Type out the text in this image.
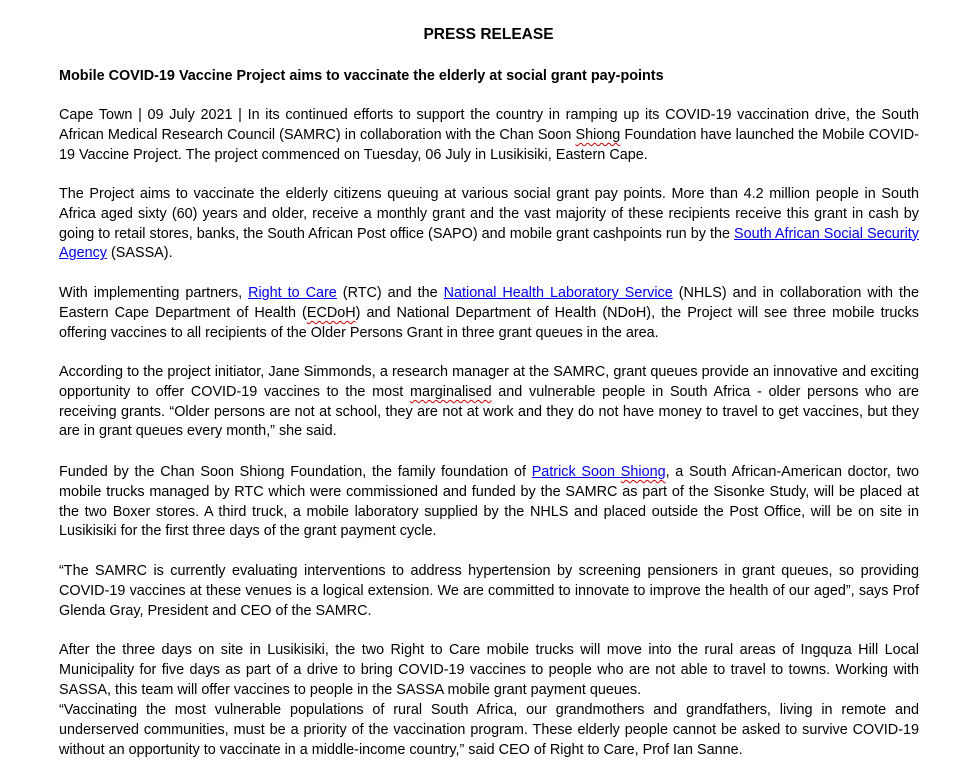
PRESS RELEASE
Mobile COVID-19 Vaccine Project aims to vaccinate the elderly at social grant pay-points
Cape Town | 09 July 2021 | In its continued efforts to support the country in ramping up its COVID-19 vaccination drive, the South African Medical Research Council (SAMRC) in collaboration with the Chan Soon Shiong Foundation have launched the Mobile COVID-19 Vaccine Project. The project commenced on Tuesday, 06 July in Lusikisiki, Eastern Cape.
The Project aims to vaccinate the elderly citizens queuing at various social grant pay points. More than 4.2 million people in South Africa aged sixty (60) years and older, receive a monthly grant and the vast majority of these recipients receive this grant in cash by going to retail stores, banks, the South African Post office (SAPO) and mobile grant cashpoints run by the South African Social Security Agency (SASSA).
With implementing partners, Right to Care (RTC) and the National Health Laboratory Service (NHLS) and in collaboration with the Eastern Cape Department of Health (ECDoH) and National Department of Health (NDoH), the Project will see three mobile trucks offering vaccines to all recipients of the Older Persons Grant in three grant queues in the area.
According to the project initiator, Jane Simmonds, a research manager at the SAMRC, grant queues provide an innovative and exciting opportunity to offer COVID-19 vaccines to the most marginalised and vulnerable people in South Africa - older persons who are receiving grants. “Older persons are not at school, they are not at work and they do not have money to travel to get vaccines, but they are in grant queues every month,” she said.
Funded by the Chan Soon Shiong Foundation, the family foundation of Patrick Soon Shiong, a South African-American doctor, two mobile trucks managed by RTC which were commissioned and funded by the SAMRC as part of the Sisonke Study, will be placed at the two Boxer stores. A third truck, a mobile laboratory supplied by the NHLS and placed outside the Post Office, will be on site in Lusikisiki for the first three days of the grant payment cycle.
“The SAMRC is currently evaluating interventions to address hypertension by screening pensioners in grant queues, so providing COVID-19 vaccines at these venues is a logical extension. We are committed to innovate to improve the health of our aged”, says Prof Glenda Gray, President and CEO of the SAMRC.
After the three days on site in Lusikisiki, the two Right to Care mobile trucks will move into the rural areas of Ingquza Hill Local Municipality for five days as part of a drive to bring COVID-19 vaccines to people who are not able to travel to towns. Working with SASSA, this team will offer vaccines to people in the SASSA mobile grant payment queues.
“Vaccinating the most vulnerable populations of rural South Africa, our grandmothers and grandfathers, living in remote and underserved communities, must be a priority of the vaccination program. These elderly people cannot be asked to survive COVID-19 without an opportunity to vaccinate in a middle-income country,” said CEO of Right to Care, Prof Ian Sanne.
